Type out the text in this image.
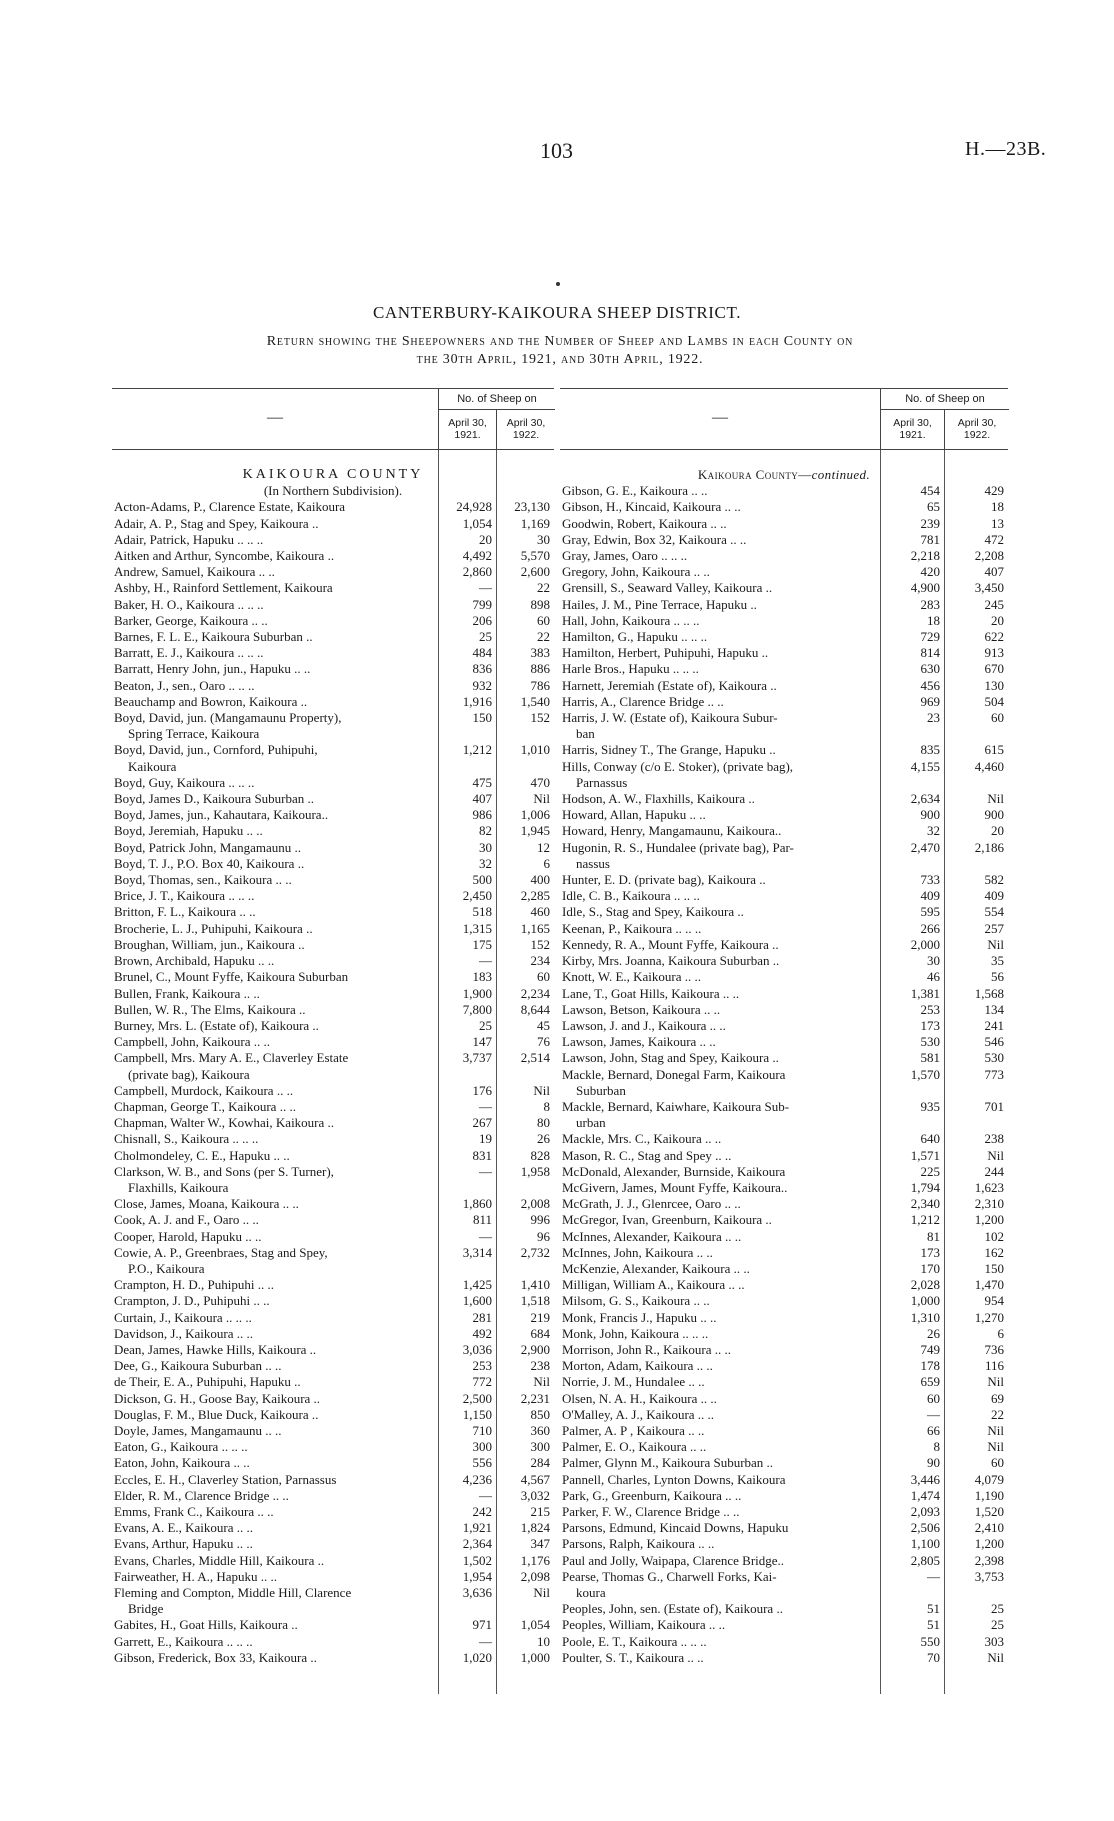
103	H.—23B.
CANTERBURY-KAIKOURA SHEEP DISTRICT.
Return showing the Sheepowners and the Number of Sheep and Lambs in each County on
the 30th April, 1921, and 30th April, 1922.
—
No. of Sheep on
April 30,
1921.
April 30,
1922.
KAIKOURA COUNTY
(In Northern Subdivision).
Acton-Adams, P., Clarence Estate, Kaikoura	24,928	23,130
Adair, A. P., Stag and Spey, Kaikoura ..	1,054	1,169
Adair, Patrick, Hapuku .. .. ..	20	30
Aitken and Arthur, Syncombe, Kaikoura ..	4,492	5,570
Andrew, Samuel, Kaikoura .. ..	2,860	2,600
Ashby, H., Rainford Settlement, Kaikoura	—	22
Baker, H. O., Kaikoura .. .. ..	799	898
Barker, George, Kaikoura .. ..	206	60
Barnes, F. L. E., Kaikoura Suburban ..	25	22
Barratt, E. J., Kaikoura .. .. ..	484	383
Barratt, Henry John, jun., Hapuku .. ..	836	886
Beaton, J., sen., Oaro .. .. ..	932	786
Beauchamp and Bowron, Kaikoura ..	1,916	1,540
Boyd, David, jun. (Mangamaunu Property),	150	152
Spring Terrace, Kaikoura
Boyd, David, jun., Cornford, Puhipuhi,	1,212	1,010
Kaikoura
Boyd, Guy, Kaikoura .. .. ..	475	470
Boyd, James D., Kaikoura Suburban ..	407	Nil
Boyd, James, jun., Kahautara, Kaikoura..	986	1,006
Boyd, Jeremiah, Hapuku .. ..	82	1,945
Boyd, Patrick John, Mangamaunu ..	30	12
Boyd, T. J., P.O. Box 40, Kaikoura ..	32	6
Boyd, Thomas, sen., Kaikoura .. ..	500	400
Brice, J. T., Kaikoura .. .. ..	2,450	2,285
Britton, F. L., Kaikoura .. ..	518	460
Brocherie, L. J., Puhipuhi, Kaikoura ..	1,315	1,165
Broughan, William, jun., Kaikoura ..	175	152
Brown, Archibald, Hapuku .. ..	—	234
Brunel, C., Mount Fyffe, Kaikoura Suburban	183	60
Bullen, Frank, Kaikoura .. ..	1,900	2,234
Bullen, W. R., The Elms, Kaikoura ..	7,800	8,644
Burney, Mrs. L. (Estate of), Kaikoura ..	25	45
Campbell, John, Kaikoura .. ..	147	76
Campbell, Mrs. Mary A. E., Claverley Estate	3,737	2,514
(private bag), Kaikoura
Campbell, Murdock, Kaikoura .. ..	176	Nil
Chapman, George T., Kaikoura .. ..	—	8
Chapman, Walter W., Kowhai, Kaikoura ..	267	80
Chisnall, S., Kaikoura .. .. ..	19	26
Cholmondeley, C. E., Hapuku .. ..	831	828
Clarkson, W. B., and Sons (per S. Turner),	—	1,958
Flaxhills, Kaikoura
Close, James, Moana, Kaikoura .. ..	1,860	2,008
Cook, A. J. and F., Oaro .. ..	811	996
Cooper, Harold, Hapuku .. ..	—	96
Cowie, A. P., Greenbraes, Stag and Spey,	3,314	2,732
P.O., Kaikoura
Crampton, H. D., Puhipuhi .. ..	1,425	1,410
Crampton, J. D., Puhipuhi .. ..	1,600	1,518
Curtain, J., Kaikoura .. .. ..	281	219
Davidson, J., Kaikoura .. ..	492	684
Dean, James, Hawke Hills, Kaikoura ..	3,036	2,900
Dee, G., Kaikoura Suburban .. ..	253	238
de Their, E. A., Puhipuhi, Hapuku ..	772	Nil
Dickson, G. H., Goose Bay, Kaikoura ..	2,500	2,231
Douglas, F. M., Blue Duck, Kaikoura ..	1,150	850
Doyle, James, Mangamaunu .. ..	710	360
Eaton, G., Kaikoura .. .. ..	300	300
Eaton, John, Kaikoura .. ..	556	284
Eccles, E. H., Claverley Station, Parnassus	4,236	4,567
Elder, R. M., Clarence Bridge .. ..	—	3,032
Emms, Frank C., Kaikoura .. ..	242	215
Evans, A. E., Kaikoura .. ..	1,921	1,824
Evans, Arthur, Hapuku .. ..	2,364	347
Evans, Charles, Middle Hill, Kaikoura ..	1,502	1,176
Fairweather, H. A., Hapuku .. ..	1,954	2,098
Fleming and Compton, Middle Hill, Clarence	3,636	Nil
Bridge
Gabites, H., Goat Hills, Kaikoura ..	971	1,054
Garrett, E., Kaikoura .. .. ..	—	10
Gibson, Frederick, Box 33, Kaikoura ..	1,020	1,000
—
No. of Sheep on
April 30,
1921.
April 30,
1922.
Kaikoura County—continued.
Gibson, G. E., Kaikoura .. ..	454	429
Gibson, H., Kincaid, Kaikoura .. ..	65	18
Goodwin, Robert, Kaikoura .. ..	239	13
Gray, Edwin, Box 32, Kaikoura .. ..	781	472
Gray, James, Oaro .. .. ..	2,218	2,208
Gregory, John, Kaikoura .. ..	420	407
Grensill, S., Seaward Valley, Kaikoura ..	4,900	3,450
Hailes, J. M., Pine Terrace, Hapuku ..	283	245
Hall, John, Kaikoura .. .. ..	18	20
Hamilton, G., Hapuku .. .. ..	729	622
Hamilton, Herbert, Puhipuhi, Hapuku ..	814	913
Harle Bros., Hapuku .. .. ..	630	670
Harnett, Jeremiah (Estate of), Kaikoura ..	456	130
Harris, A., Clarence Bridge .. ..	969	504
Harris, J. W. (Estate of), Kaikoura Subur-	23	60
ban
Harris, Sidney T., The Grange, Hapuku ..	835	615
Hills, Conway (c/o E. Stoker), (private bag),	4,155	4,460
Parnassus
Hodson, A. W., Flaxhills, Kaikoura ..	2,634	Nil
Howard, Allan, Hapuku .. ..	900	900
Howard, Henry, Mangamaunu, Kaikoura..	32	20
Hugonin, R. S., Hundalee (private bag), Par-	2,470	2,186
nassus
Hunter, E. D. (private bag), Kaikoura ..	733	582
Idle, C. B., Kaikoura .. .. ..	409	409
Idle, S., Stag and Spey, Kaikoura ..	595	554
Keenan, P., Kaikoura .. .. ..	266	257
Kennedy, R. A., Mount Fyffe, Kaikoura ..	2,000	Nil
Kirby, Mrs. Joanna, Kaikoura Suburban ..	30	35
Knott, W. E., Kaikoura .. ..	46	56
Lane, T., Goat Hills, Kaikoura .. ..	1,381	1,568
Lawson, Betson, Kaikoura .. ..	253	134
Lawson, J. and J., Kaikoura .. ..	173	241
Lawson, James, Kaikoura .. ..	530	546
Lawson, John, Stag and Spey, Kaikoura ..	581	530
Mackle, Bernard, Donegal Farm, Kaikoura	1,570	773
Suburban
Mackle, Bernard, Kaiwhare, Kaikoura Sub-	935	701
urban
Mackle, Mrs. C., Kaikoura .. ..	640	238
Mason, R. C., Stag and Spey .. ..	1,571	Nil
McDonald, Alexander, Burnside, Kaikoura	225	244
McGivern, James, Mount Fyffe, Kaikoura..	1,794	1,623
McGrath, J. J., Glenrcee, Oaro .. ..	2,340	2,310
McGregor, Ivan, Greenburn, Kaikoura ..	1,212	1,200
McInnes, Alexander, Kaikoura .. ..	81	102
McInnes, John, Kaikoura .. ..	173	162
McKenzie, Alexander, Kaikoura .. ..	170	150
Milligan, William A., Kaikoura .. ..	2,028	1,470
Milsom, G. S., Kaikoura .. ..	1,000	954
Monk, Francis J., Hapuku .. ..	1,310	1,270
Monk, John, Kaikoura .. .. ..	26	6
Morrison, John R., Kaikoura .. ..	749	736
Morton, Adam, Kaikoura .. ..	178	116
Norrie, J. M., Hundalee .. ..	659	Nil
Olsen, N. A. H., Kaikoura .. ..	60	69
O'Malley, A. J., Kaikoura .. ..	—	22
Palmer, A. P , Kaikoura .. ..	66	Nil
Palmer, E. O., Kaikoura .. ..	8	Nil
Palmer, Glynn M., Kaikoura Suburban ..	90	60
Pannell, Charles, Lynton Downs, Kaikoura	3,446	4,079
Park, G., Greenburn, Kaikoura .. ..	1,474	1,190
Parker, F. W., Clarence Bridge .. ..	2,093	1,520
Parsons, Edmund, Kincaid Downs, Hapuku	2,506	2,410
Parsons, Ralph, Kaikoura .. ..	1,100	1,200
Paul and Jolly, Waipapa, Clarence Bridge..	2,805	2,398
Pearse, Thomas G., Charwell Forks, Kai-	—	3,753
koura
Peoples, John, sen. (Estate of), Kaikoura ..	51	25
Peoples, William, Kaikoura .. ..	51	25
Poole, E. T., Kaikoura .. .. ..	550	303
Poulter, S. T., Kaikoura .. ..	70	Nil
